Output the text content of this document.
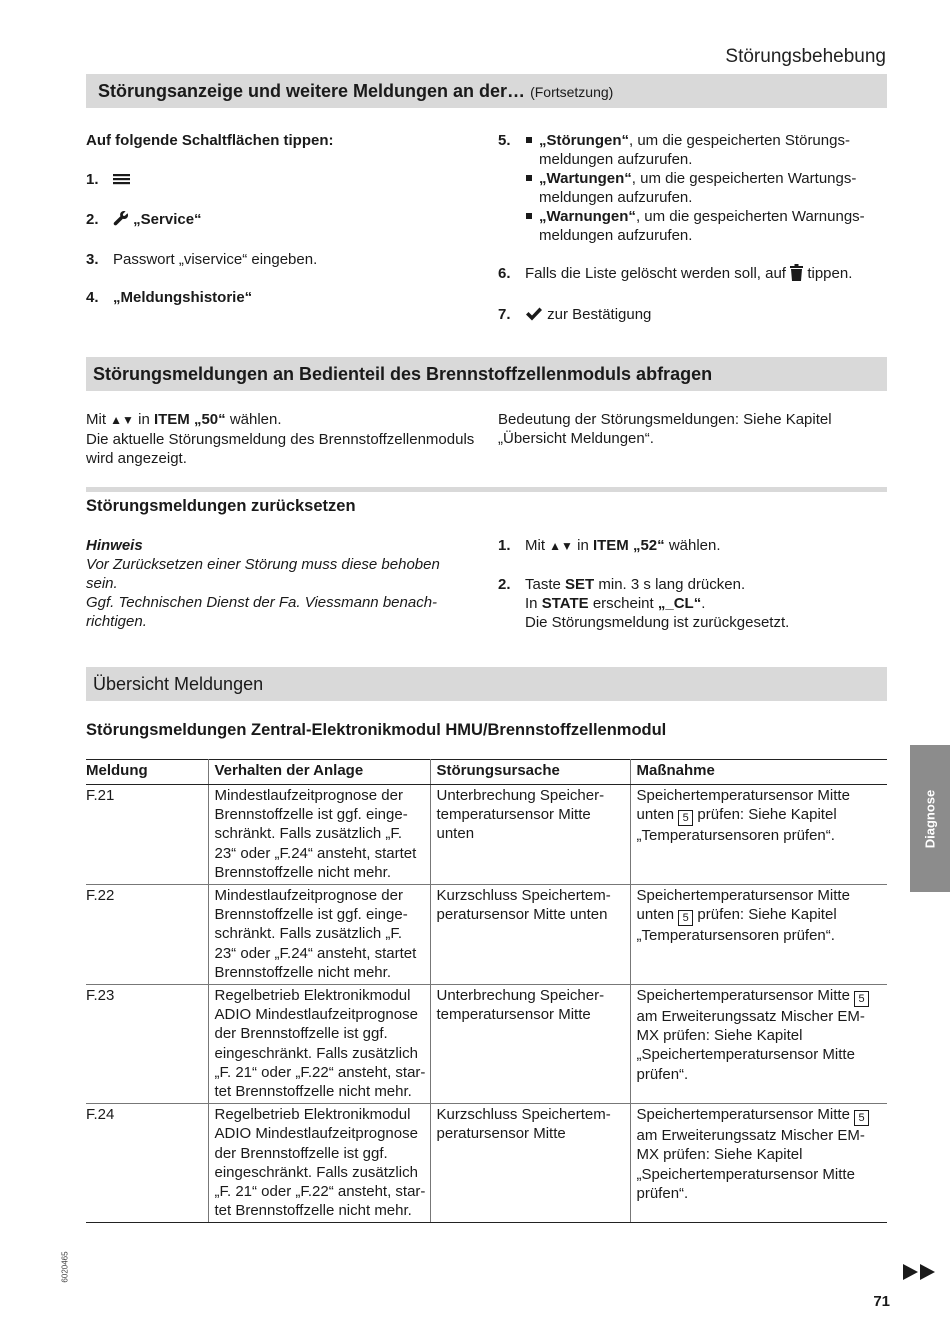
Störungsbehebung
Störungsanzeige und weitere Meldungen an der… (Fortsetzung)
Auf folgende Schaltflächen tippen:
1.
2. „Service“
3. Passwort „viservice“ eingeben.
4. „Meldungshistorie“
5.	„Störungen“, um die gespeicherten Störungsmeldungen aufzurufen.
„Wartungen“, um die gespeicherten Wartungsmeldungen aufzurufen.
„Warnungen“, um die gespeicherten Warnungsmeldungen aufzurufen.
6. Falls die Liste gelöscht werden soll, auf tippen.
7. zur Bestätigung
Störungsmeldungen an Bedienteil des Brennstoffzellenmoduls abfragen
Mit ▲▼ in ITEM „50“ wählen.
Die aktuelle Störungsmeldung des Brennstoffzellenmoduls wird angezeigt.
Bedeutung der Störungsmeldungen: Siehe Kapitel „Übersicht Meldungen“.
Störungsmeldungen zurücksetzen
Hinweis
Vor Zurücksetzen einer Störung muss diese behoben sein.
Ggf. Technischen Dienst der Fa. Viessmann benachrichtigen.
1. Mit ▲▼ in ITEM „52“ wählen.
2. Taste SET min. 3 s lang drücken.
In STATE erscheint „_CL“.
Die Störungsmeldung ist zurückgesetzt.
Übersicht Meldungen
Störungsmeldungen Zentral-Elektronikmodul HMU/Brennstoffzellenmodul
Meldung	Verhalten der Anlage	Störungsursache	Maßnahme
F.21	Mindestlaufzeitprognose der Brennstoffzelle ist ggf. eingeschränkt. Falls zusätzlich „F. 23“ oder „F.24“ ansteht, startet Brennstoffzelle nicht mehr.	Unterbrechung Speichertemperatursensor Mitte unten	Speichertemperatursensor Mitte unten 5 prüfen: Siehe Kapitel „Temperatursensoren prüfen“.
F.22	Mindestlaufzeitprognose der Brennstoffzelle ist ggf. eingeschränkt. Falls zusätzlich „F. 23“ oder „F.24“ ansteht, startet Brennstoffzelle nicht mehr.	Kurzschluss Speichertemperatursensor Mitte unten	Speichertemperatursensor Mitte unten 5 prüfen: Siehe Kapitel „Temperatursensoren prüfen“.
F.23	Regelbetrieb Elektronikmodul ADIO Mindestlaufzeitprognose der Brennstoffzelle ist ggf. eingeschränkt. Falls zusätzlich „F. 21“ oder „F.22“ ansteht, startet Brennstoffzelle nicht mehr.	Unterbrechung Speichertemperatursensor Mitte	Speichertemperatursensor Mitte 5 am Erweiterungssatz Mischer EM-MX prüfen: Siehe Kapitel „Speichertemperatursensor Mitte prüfen“.
F.24	Regelbetrieb Elektronikmodul ADIO Mindestlaufzeitprognose der Brennstoffzelle ist ggf. eingeschränkt. Falls zusätzlich „F. 21“ oder „F.22“ ansteht, startet Brennstoffzelle nicht mehr.	Kurzschluss Speichertemperatursensor Mitte	Speichertemperatursensor Mitte 5 am Erweiterungssatz Mischer EM-MX prüfen: Siehe Kapitel „Speichertemperatursensor Mitte prüfen“.
Diagnose
6020465
71
